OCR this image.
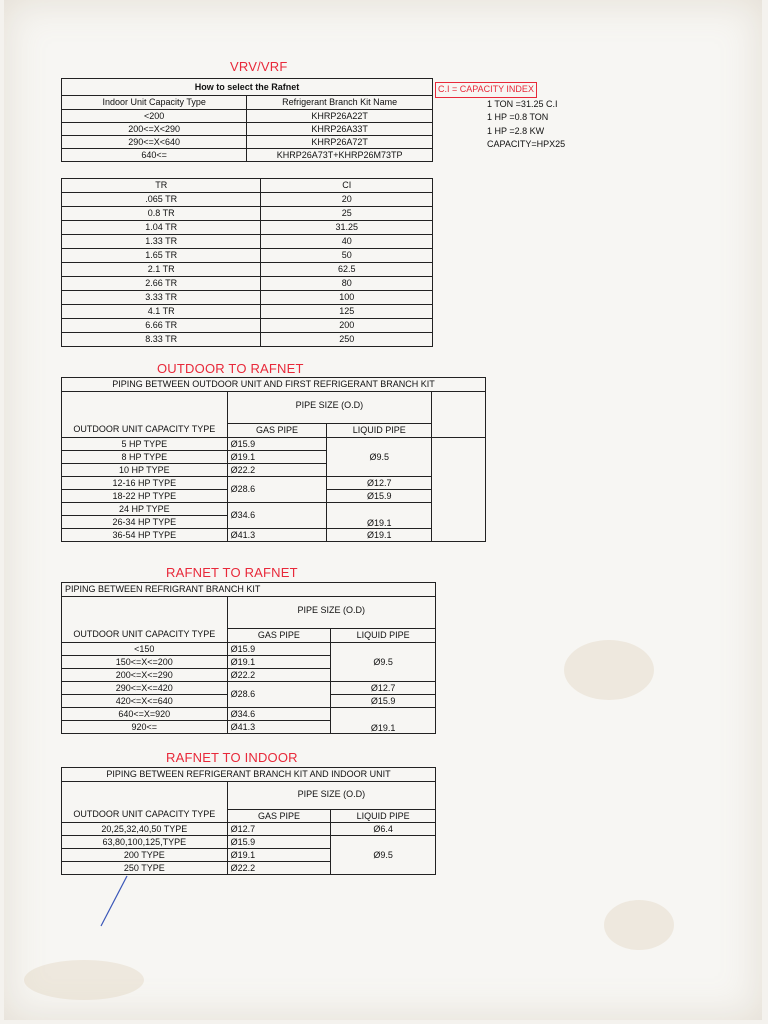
VRV/VRF
How to select the Rafnet	
Indoor Unit Capacity Type	Refrigerant Branch Kit Name
<200	KHRP26A22T
200<=X<290	KHRP26A33T
290<=X<640	KHRP26A72T
640<=	KHRP26A73T+KHRP26M73TP
C.I = CAPACITY INDEX
1 TON =31.25 C.I
1 HP =0.8 TON
1 HP =2.8 KW
CAPACITY=HPX25
TR	CI
.065 TR	20
0.8 TR	25
1.04 TR	31.25
1.33 TR	40
1.65 TR	50
2.1 TR	62.5
2.66 TR	80
3.33 TR	100
4.1 TR	125
6.66 TR	200
8.33 TR	250
OUTDOOR TO RAFNET
PIPING BETWEEN OUTDOOR UNIT AND FIRST REFRIGERANT BRANCH KIT			
OUTDOOR UNIT CAPACITY TYPE	PIPE SIZE (O.D)		
	GAS PIPE	LIQUID PIPE	
5 HP TYPE	Ø15.9	Ø9.5	
8 HP TYPE	Ø19.1		
10 HP TYPE	Ø22.2		
12-16 HP TYPE	Ø28.6	Ø12.7	
18-22 HP TYPE		Ø15.9	
24 HP TYPE	Ø34.6	Ø19.1	
26-34 HP TYPE			
36-54 HP TYPE	Ø41.3	Ø19.1	
RAFNET TO RAFNET
PIPING BETWEEN REFRIGRANT BRANCH KIT		
OUTDOOR UNIT CAPACITY TYPE	PIPE SIZE (O.D)	
	GAS PIPE	LIQUID PIPE
<150	Ø15.9	Ø9.5
150<=X<=200	Ø19.1	
200<=X<=290	Ø22.2	
290<=X<=420	Ø28.6	Ø12.7
420<=X<=640		Ø15.9
640<=X=920	Ø34.6	Ø19.1
920<=	Ø41.3	
RAFNET TO INDOOR
PIPING BETWEEN REFRIGERANT BRANCH KIT AND INDOOR UNIT		
OUTDOOR UNIT CAPACITY TYPE	PIPE SIZE (O.D)	
	GAS PIPE	LIQUID PIPE
20,25,32,40,50 TYPE	Ø12.7	Ø6.4
63,80,100,125,TYPE	Ø15.9	Ø9.5
200 TYPE	Ø19.1	
250 TYPE	Ø22.2	
